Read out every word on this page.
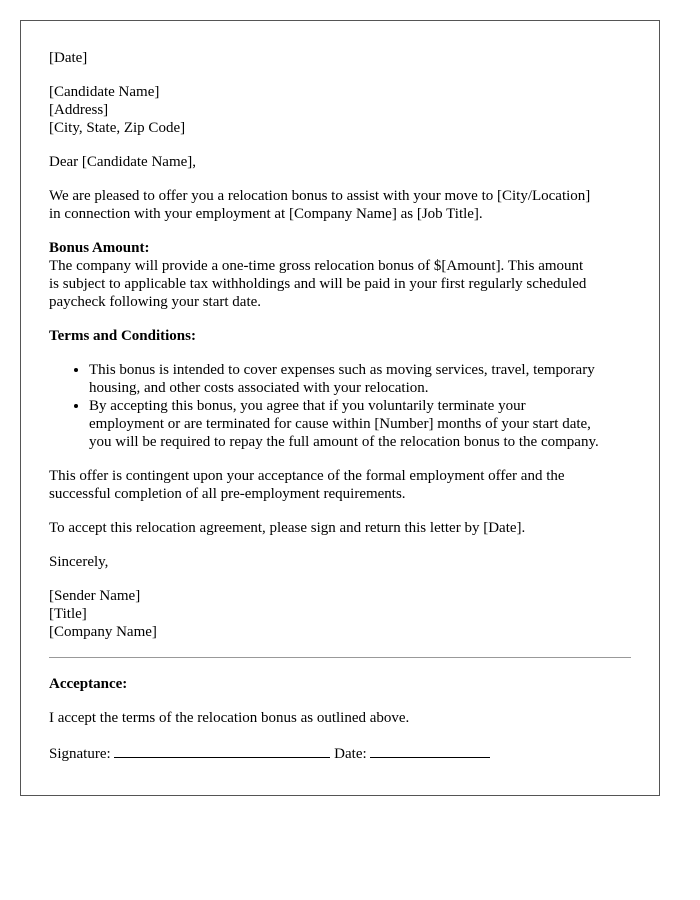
[Date]
[Candidate Name]
[Address]
[City, State, Zip Code]
Dear [Candidate Name],
We are pleased to offer you a relocation bonus to assist with your move to [City/Location]
in connection with your employment at [Company Name] as [Job Title].
Bonus Amount:
The company will provide a one-time gross relocation bonus of $[Amount]. This amount
is subject to applicable tax withholdings and will be paid in your first regularly scheduled
paycheck following your start date.
Terms and Conditions:
• This bonus is intended to cover expenses such as moving services, travel, temporary
housing, and other costs associated with your relocation.
• By accepting this bonus, you agree that if you voluntarily terminate your
employment or are terminated for cause within [Number] months of your start date,
you will be required to repay the full amount of the relocation bonus to the company.
This offer is contingent upon your acceptance of the formal employment offer and the
successful completion of all pre-employment requirements.
To accept this relocation agreement, please sign and return this letter by [Date].
Sincerely,
[Sender Name]
[Title]
[Company Name]
Acceptance:
I accept the terms of the relocation bonus as outlined above.
Signature:	Date:
